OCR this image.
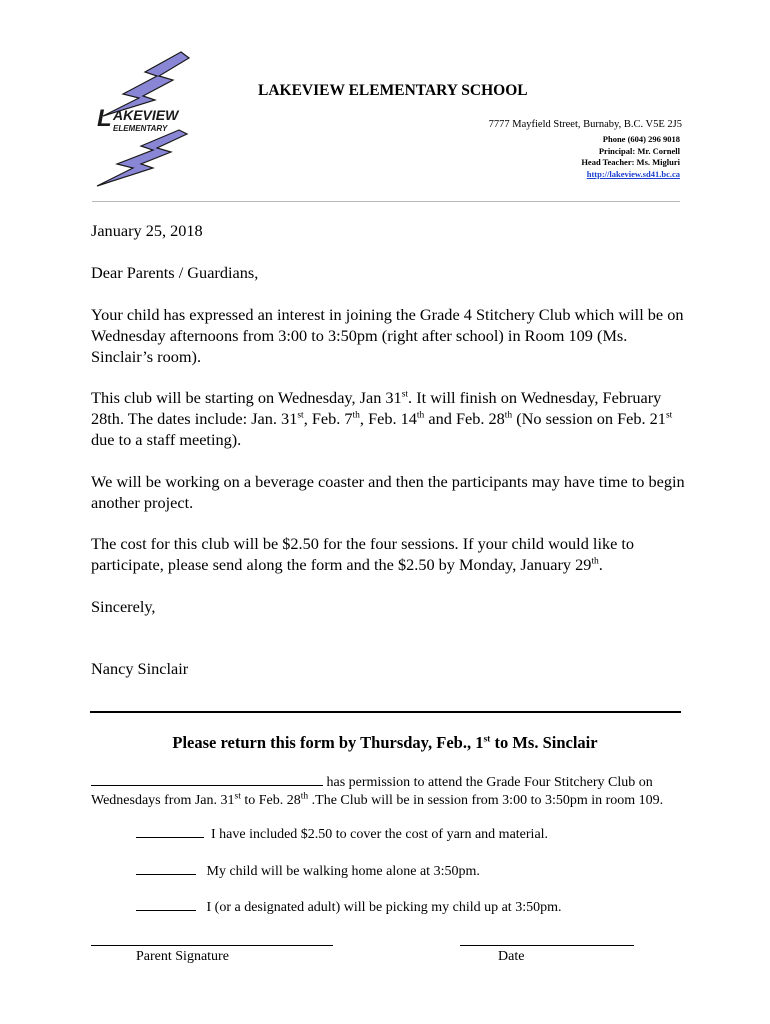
L AKEVIEW
ELEMENTARY
LAKEVIEW ELEMENTARY SCHOOL
7777 Mayfield Street, Burnaby, B.C. V5E 2J5
Phone (604) 296 9018
Principal: Mr. Cornell
Head Teacher: Ms. Migluri
http://lakeview.sd41.bc.ca
January 25, 2018
Dear Parents / Guardians,
Your child has expressed an interest in joining the Grade 4 Stitchery Club which will be on Wednesday afternoons from 3:00 to 3:50pm (right after school) in Room 109 (Ms. Sinclair’s room).
This club will be starting on Wednesday, Jan 31st. It will finish on Wednesday, February 28th. The dates include: Jan. 31st, Feb. 7th, Feb. 14th and Feb. 28th (No session on Feb. 21st due to a staff meeting).
We will be working on a beverage coaster and then the participants may have time to begin another project.
The cost for this club will be $2.50 for the four sessions. If your child would like to participate, please send along the form and the $2.50 by Monday, January 29th.
Sincerely,
Nancy Sinclair
Please return this form by Thursday, Feb., 1st to Ms. Sinclair
has permission to attend the Grade Four Stitchery Club on Wednesdays from Jan. 31st to Feb. 28th .The Club will be in session from 3:00 to 3:50pm in room 109.
I have included $2.50 to cover the cost of yarn and material.
My child will be walking home alone at 3:50pm.
I (or a designated adult) will be picking my child up at 3:50pm.
Parent Signature	Date
